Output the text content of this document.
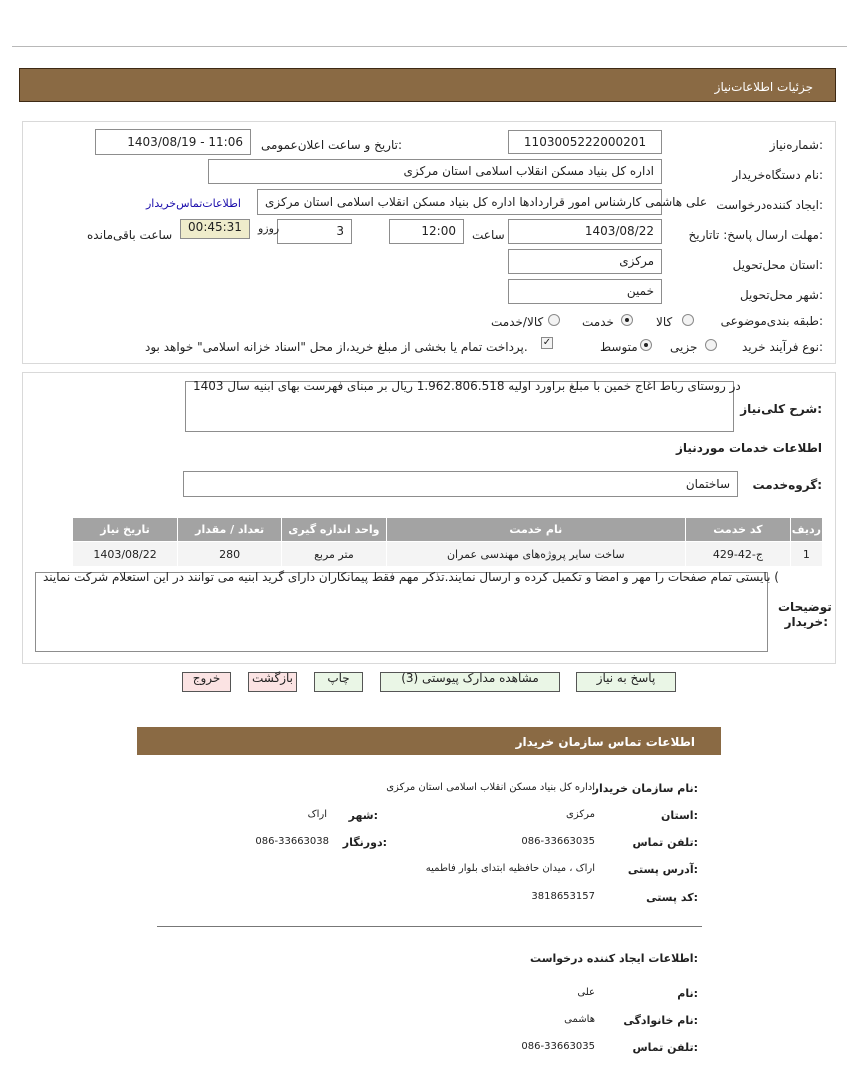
جزئیات اطلاعات‌نیاز
شماره‌نیاز:
1103005222000201
تاریخ و ساعت اعلان‌عمومی:
1403/08/19 - 11:06
نام دستگاه‌خریدار:
اداره کل بنیاد مسکن انقلاب اسلامی استان مرکزی
ایجاد کننده‌درخواست:
علی هاشمی کارشناس امور قراردادها اداره کل بنیاد مسکن انقلاب اسلامی استان مرکزی
اطلاعات‌تماس‌خریدار
مهلت ارسال پاسخ: تاتاریخ:
1403/08/22
ساعت
12:00
3
روزو
00:45:31
ساعت باقی‌مانده
استان محل‌تحویل:
مرکزی
شهر محل‌تحویل:
خمین
طبقه بندی‌موضوعی:
کالا
خدمت
کالا/خدمت
نوع فرآیند خرید:
جزیی
متوسط
✓
پرداخت تمام یا بخشی از مبلغ خرید،از محل "اسناد خزانه اسلامی" خواهد بود.
شرح کلی‌نیاز:
در روستای رباط اغاج خمین با مبلغ براورد اولیه 1.962.806.518 ریال بر مبنای فهرست بهای ابنیه سال 1403
اطلاعات خدمات موردنیاز
گروه‌خدمت:
ساختمان
ردیف	کد خدمت	نام خدمت	واحد اندازه گیری	تعداد / مقدار	تاریخ نیاز
1	ج-42-429	ساخت سایر پروژه‌های مهندسی عمران	متر مربع	280	1403/08/22
بایستی تمام صفحات را مهر و امضا و تکمیل کرده و ارسال نمایند.تذکر مهم فقط پیمانکاران دارای گرید ابنیه می توانند در این استعلام شرکت نمایند (
توضیحات خریدار:
پاسخ به نیاز
مشاهده مدارک پیوستی (3)
چاپ
بازگشت
خروج
اطلاعات تماس سازمان خریدار
نام سازمان خریدار:
اداره کل بنیاد مسکن انقلاب اسلامی استان مرکزی
استان:
مرکزی
شهر:
اراک
تلفن تماس:
086-33663035
دورنگار:
086-33663038
آدرس پستی:
اراک ، میدان حافظیه ابتدای بلوار فاطمیه
کد پستی:
3818653157
اطلاعات ایجاد کننده درخواست:
نام:
علی
نام خانوادگی:
هاشمی
تلفن تماس:
086-33663035
